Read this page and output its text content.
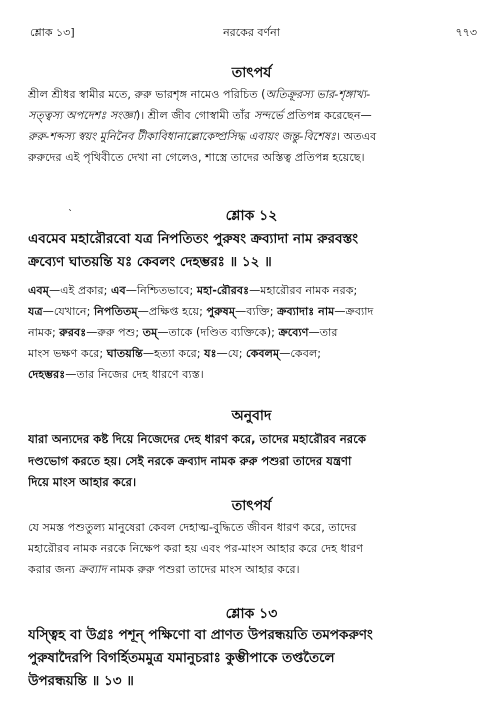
নরকের বর্ণনা
শ্লোক ১৩]	৭৭৩
তাৎপর্য
শ্রীল শ্রীধর স্বামীর মতে, রুরু ভারশৃঙ্গ নামেও পরিচিত (অতিক্রূরস্য ভার-শৃঙ্গাখ্য-
সত্ত্বস্য অপদেশঃ সংজ্ঞা)। শ্রীল জীব গোস্বামী তাঁর সন্দর্ভে প্রতিপন্ন করেছেন—
রুরু-শব্দস্য স্বয়ং মুনিনৈব টীকাবিধানাল্লোকেষ্প্রসিদ্ধ এবায়ং জন্তু-বিশেষঃ। অতএব
রুরুদের এই পৃথিবীতে দেখা না গেলেও, শাস্ত্রে তাদের অস্তিত্ব প্রতিপন্ন হয়েছে।
`	শ্লোক ১২
এবমেব মহারৌরবো যত্র নিপতিতং পুরুষং ক্রব্যাদা নাম রুরবস্তং
ক্রব্যেণ ঘাতয়ন্তি যঃ কেবলং দেহম্ভরঃ ॥ ১২ ॥
এবম্—এই প্রকার; এব—নিশ্চিতভাবে; মহা-রৌরবঃ—মহারৌরব নামক নরক;
যত্র—যেখানে; নিপতিতম্—প্রক্ষিপ্ত হয়ে; পুরুষম্—ব্যক্তি; ক্রব্যাদাঃ নাম—ক্রব্যাদ
নামক; রুরবঃ—রুরু পশু; তম্—তাকে (দণ্ডিত ব্যক্তিকে); ক্রব্যেণ—তার
মাংস ভক্ষণ করে; ঘাতয়ন্তি—হত্যা করে; যঃ—যে; কেবলম্—কেবল;
দেহম্ভরঃ—তার নিজের দেহ ধারণে ব্যস্ত।
অনুবাদ
যারা অন্যদের কষ্ট দিয়ে নিজেদের দেহ ধারণ করে, তাদের মহারৌরব নরকে
দণ্ডভোগ করতে হয়। সেই নরকে ক্রব্যাদ নামক রুরু পশুরা তাদের যন্ত্রণা
দিয়ে মাংস আহার করে।
তাৎপর্য
যে সমস্ত পশুতুল্য মানুষেরা কেবল দেহাত্ম-বুদ্ধিতে জীবন ধারণ করে, তাদের
মহারৌরব নামক নরকে নিক্ষেপ করা হয় এবং পর-মাংস আহার করে দেহ ধারণ
করার জন্য ক্রব্যাদ নামক রুরু পশুরা তাদের মাংস আহার করে।
শ্লোক ১৩
যস্ত্বিহ বা উগ্রঃ পশূন্ পক্ষিণো বা প্রাণত উপরন্ধয়তি তমপকরুণং
পুরুষাদৈরপি বিগর্হিতমমুত্র যমানুচরাঃ কুম্ভীপাকে তপ্ততৈলে
উপরন্ধয়ন্তি ॥ ১৩ ॥
